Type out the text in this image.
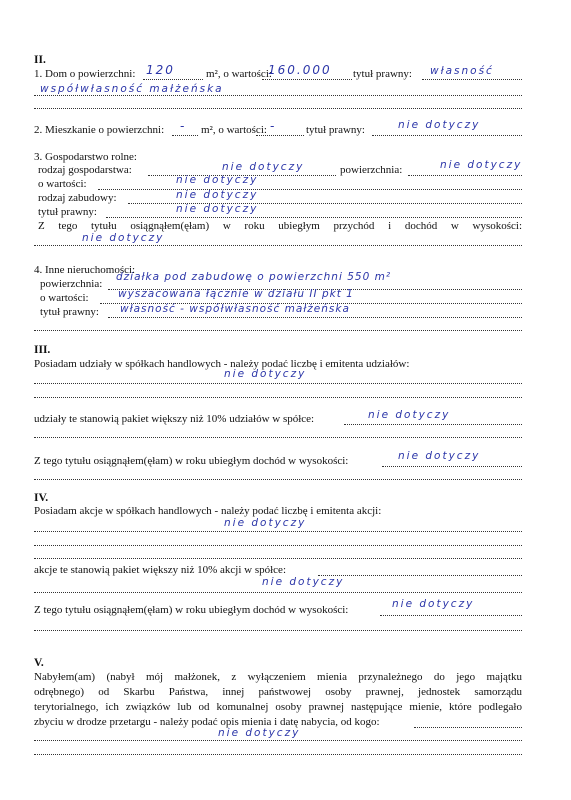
II.
1. Dom o powierzchni: 120	m², o wartości:
160.000 tytuł prawny: własność
współwłasność małżeńska
2. Mieszkanie o powierzchni: - m², o wartości: -	tytuł prawny:	nie dotyczy
3. Gospodarstwo rolne:
rodzaj gospodarstwa:	nie dotyczy	powierzchnia:	nie dotyczy
o wartości:	nie dotyczy
rodzaj zabudowy:	nie dotyczy
tytuł prawny:	nie dotyczy
Z tego tytułu osiągnąłem(ęłam) w roku ubiegłym przychód i dochód w wysokości:
nie dotyczy
4. Inne nieruchomości:
powierzchnia:
działka pod zabudowę o powierzchni 550 m²
o wartości:	wyszacowana łącznie w działu II pkt 1
tytuł prawny: własność - współwłasność małżeńska
III.
Posiadam udziały w spółkach handlowych - należy podać liczbę i emitenta udziałów:
nie dotyczy
udziały te stanowią pakiet większy niż 10% udziałów w spółce:	nie dotyczy
Z tego tytułu osiągnąłem(ęłam) w roku ubiegłym dochód w wysokości:	nie dotyczy
IV.
Posiadam akcje w spółkach handlowych - należy podać liczbę i emitenta akcji:
nie dotyczy
akcje te stanowią pakiet większy niż 10% akcji w spółce:
nie dotyczy
Z tego tytułu osiągnąłem(ęłam) w roku ubiegłym dochód w wysokości:	nie dotyczy
V.
Nabyłem(am) (nabył mój małżonek, z wyłączeniem mienia przynależnego do jego majątku
odrębnego) od Skarbu Państwa, innej państwowej osoby prawnej, jednostek samorządu
terytorialnego, ich związków lub od komunalnej osoby prawnej następujące mienie, które podlegało
zbyciu w drodze przetargu - należy podać opis mienia i datę nabycia, od kogo:
nie dotyczy
